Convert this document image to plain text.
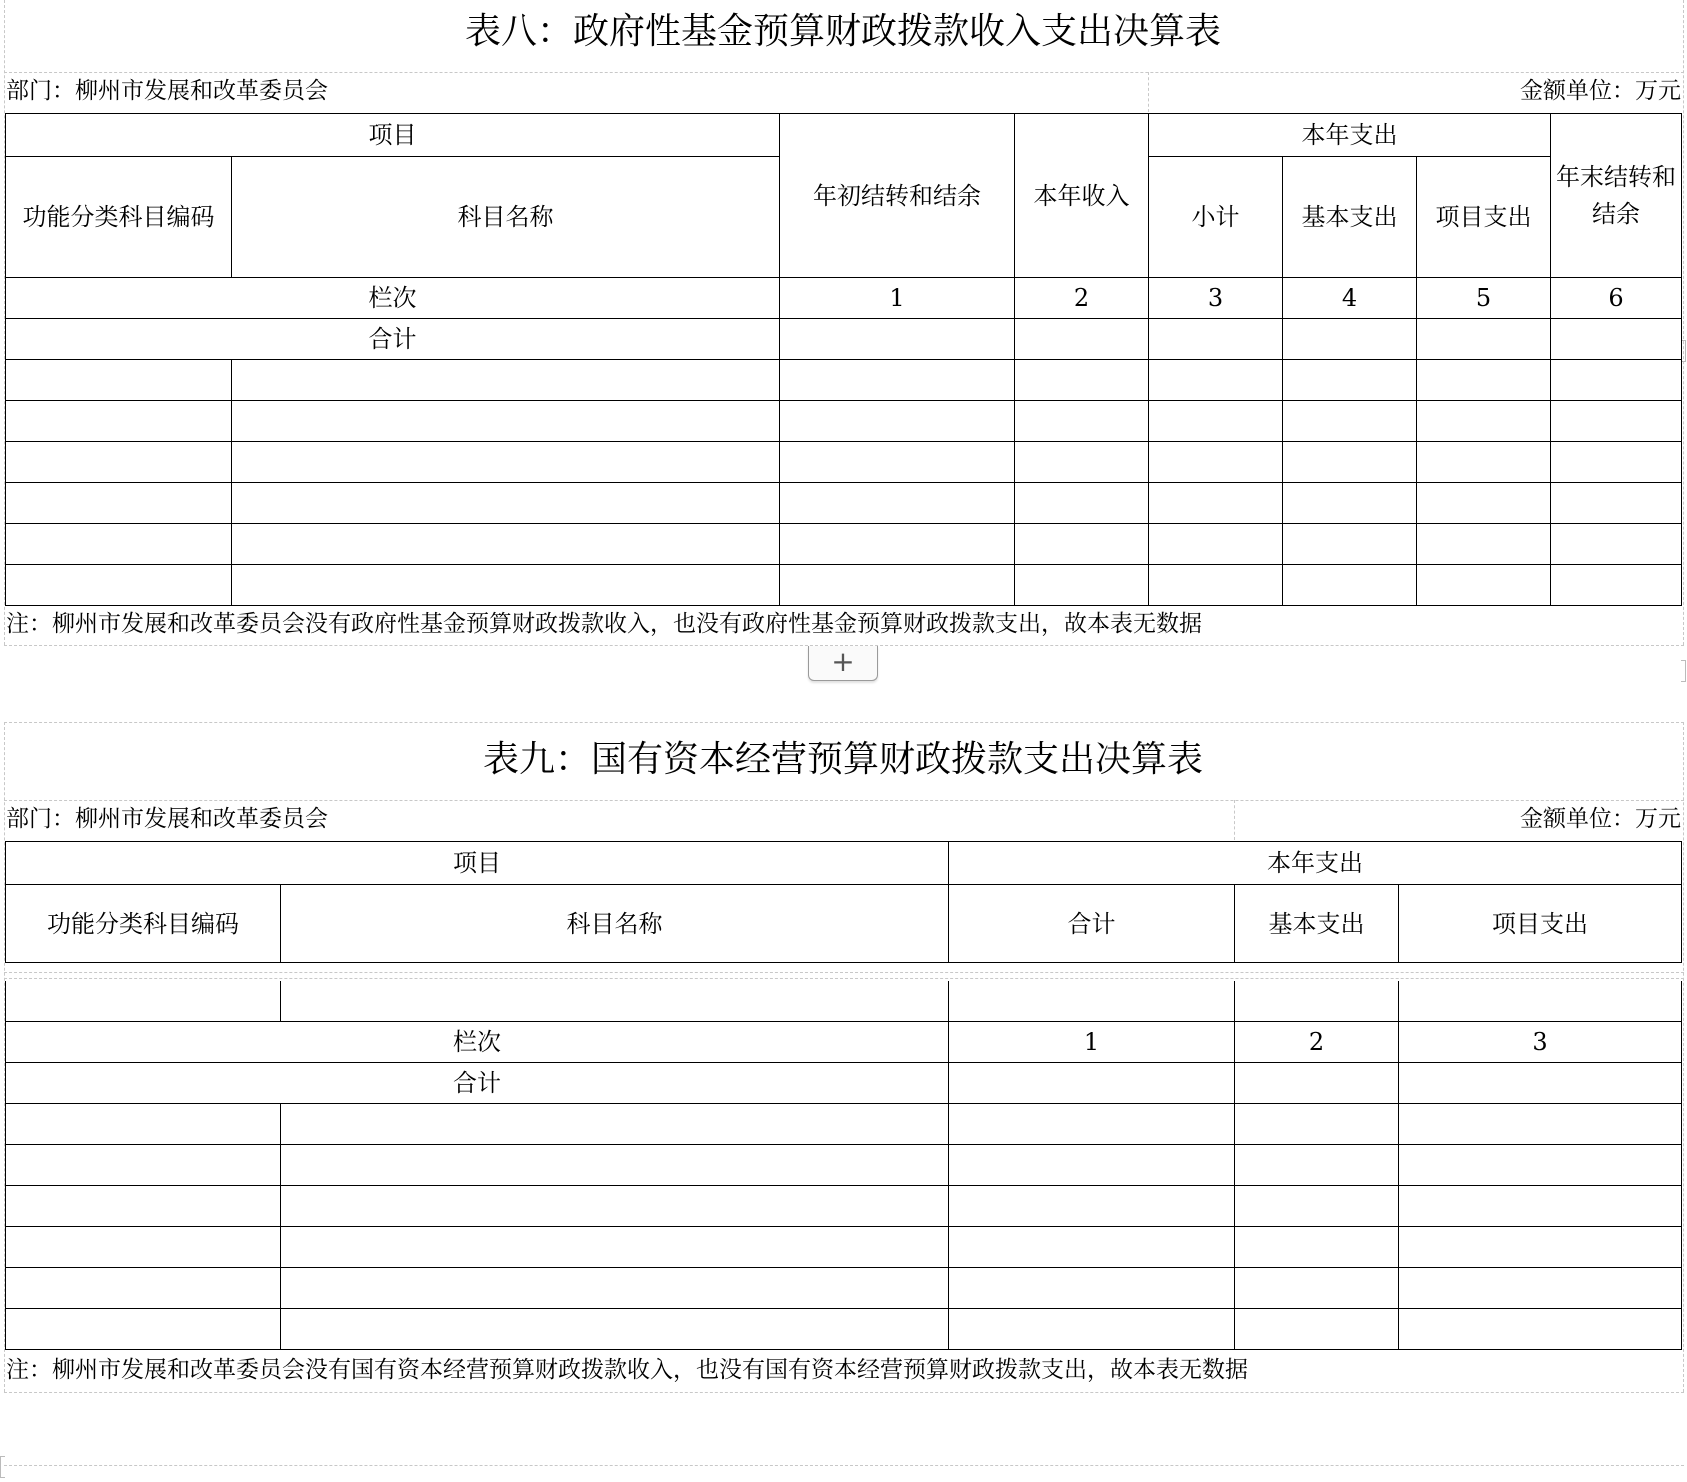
表八：政府性基金预算财政拨款收入支出决算表
部门：柳州市发展和改革委员会	金额单位：万元
项目		年初结转和结余	本年收入	本年支出			年末结转和结余
功能分类科目编码	科目名称			小计	基本支出	项目支出	
栏次		1	2	3	4	5	6
合计							

注：柳州市发展和改革委员会没有政府性基金预算财政拨款收入，也没有政府性基金预算财政拨款支出，故本表无数据
+
表九：国有资本经营预算财政拨款支出决算表
部门：柳州市发展和改革委员会	金额单位：万元
项目		本年支出		
功能分类科目编码	科目名称	合计	基本支出	项目支出

栏次		1	2	3
合计				

注：柳州市发展和改革委员会没有国有资本经营预算财政拨款收入，也没有国有资本经营预算财政拨款支出，故本表无数据
